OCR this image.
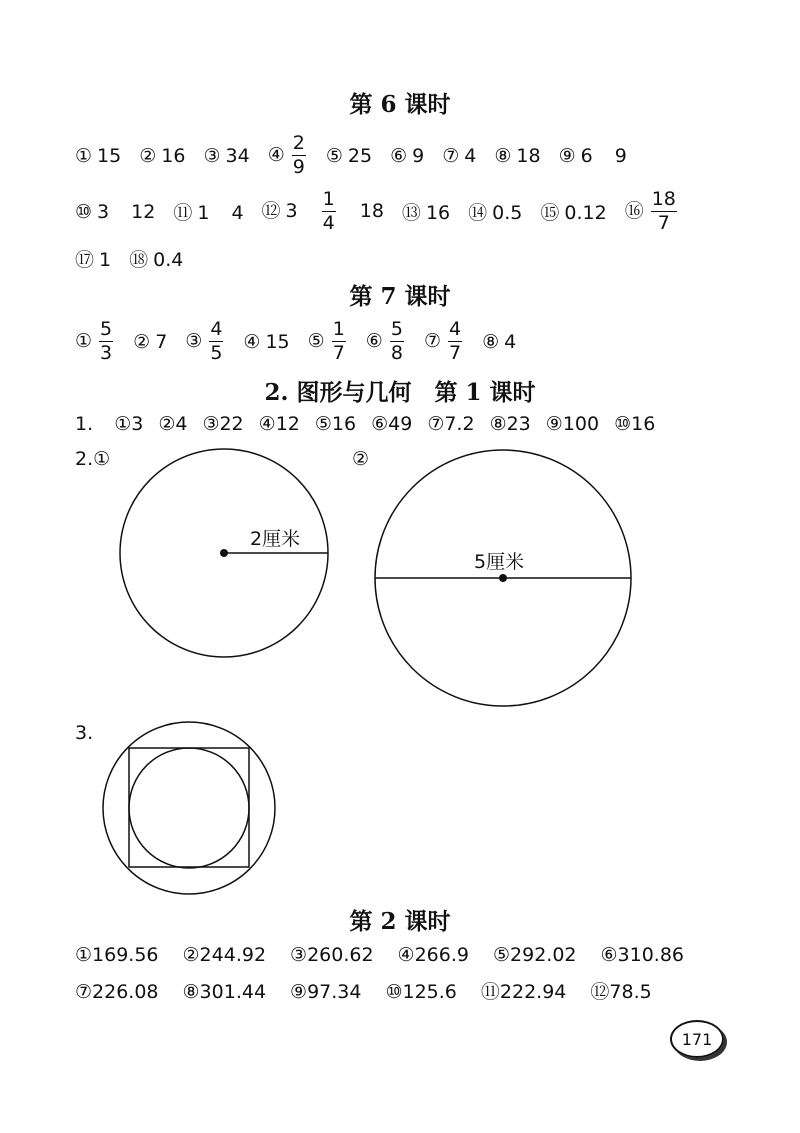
第 6 课时
① 15 ② 16 ③ 34 ④ $\frac{2}{9}$ ⑤ 25 ⑥ 9 ⑦ 4 ⑧ 18 ⑨ 6 9
⑩ 3 12 ⑪ 1 4 ⑫ $3 \frac{1}{4} 18$ ⑬ 16 ⑭ 0.5 ⑮ 0.12 ⑯ $\frac{18}{7}$
⑰ 1 ⑱ 0.4
第 7 课时
① $\frac{5}{3}$ ② 7 ③ $\frac{4}{5}$ ④ 15 ⑤ $\frac{1}{7}$ ⑥ $\frac{5}{8}$ ⑦ $\frac{4}{7}$ ⑧ 4
2. 图形与几何　第 1 课时
1. ①3 ②4 ③22 ④12 ⑤16 ⑥49 ⑦7.2 ⑧23 ⑨100 ⑩16
2.①	②
3.
2厘米
5厘米
第 2 课时
①169.56 ②244.92 ③260.62 ④266.9 ⑤292.02 ⑥310.86
⑦226.08 ⑧301.44 ⑨97.34 ⑩125.6 ⑪222.94 ⑫78.5
171
